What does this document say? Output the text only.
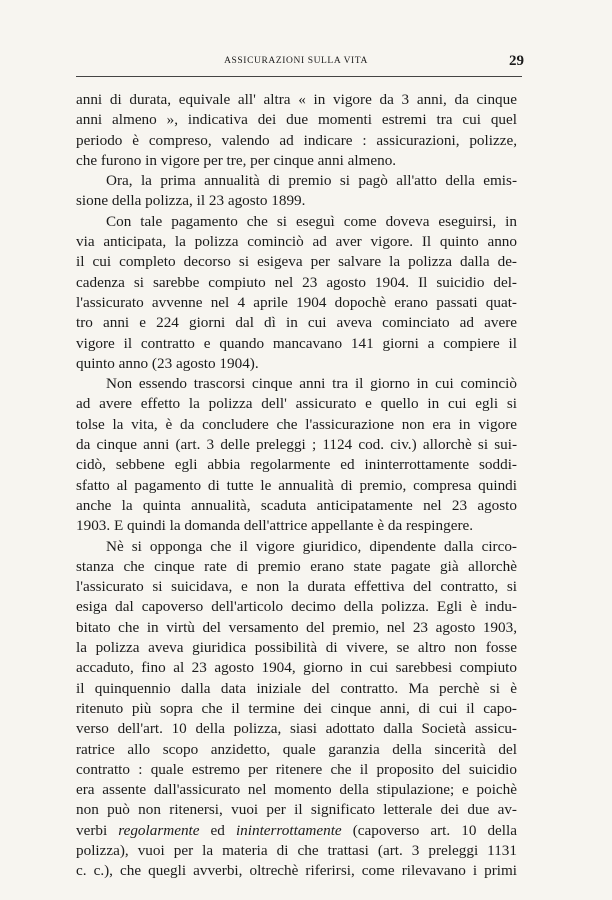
ASSICURAZIONI SULLA VITA	29
anni di durata, equivale all' altra « in vigore da 3 anni, da cinque
anni almeno », indicativa dei due momenti estremi tra cui quel
periodo è compreso, valendo ad indicare : assicurazioni, polizze,
che furono in vigore per tre, per cinque anni almeno.
Ora, la prima annualità di premio si pagò all'atto della emis-
sione della polizza, il 23 agosto 1899.
Con tale pagamento che si eseguì come doveva eseguirsi, in
via anticipata, la polizza cominciò ad aver vigore. Il quinto anno
il cui completo decorso si esigeva per salvare la polizza dalla de-
cadenza si sarebbe compiuto nel 23 agosto 1904. Il suicidio del-
l'assicurato avvenne nel 4 aprile 1904 dopochè erano passati quat-
tro anni e 224 giorni dal dì in cui aveva cominciato ad avere
vigore il contratto e quando mancavano 141 giorni a compiere il
quinto anno (23 agosto 1904).
Non essendo trascorsi cinque anni tra il giorno in cui cominciò
ad avere effetto la polizza dell' assicurato e quello in cui egli si
tolse la vita, è da concludere che l'assicurazione non era in vigore
da cinque anni (art. 3 delle preleggi ; 1124 cod. civ.) allorchè si sui-
cidò, sebbene egli abbia regolarmente ed ininterrottamente soddi-
sfatto al pagamento di tutte le annualità di premio, compresa quindi
anche la quinta annualità, scaduta anticipatamente nel 23 agosto
1903. E quindi la domanda dell'attrice appellante è da respingere.
Nè si opponga che il vigore giuridico, dipendente dalla circo-
stanza che cinque rate di premio erano state pagate già allorchè
l'assicurato si suicidava, e non la durata effettiva del contratto, si
esiga dal capoverso dell'articolo decimo della polizza. Egli è indu-
bitato che in virtù del versamento del premio, nel 23 agosto 1903,
la polizza aveva giuridica possibilità di vivere, se altro non fosse
accaduto, fino al 23 agosto 1904, giorno in cui sarebbesi compiuto
il quinquennio dalla data iniziale del contratto. Ma perchè si è
ritenuto più sopra che il termine dei cinque anni, di cui il capo-
verso dell'art. 10 della polizza, siasi adottato dalla Società assicu-
ratrice allo scopo anzidetto, quale garanzia della sincerità del
contratto : quale estremo per ritenere che il proposito del suicidio
era assente dall'assicurato nel momento della stipulazione; e poichè
non può non ritenersi, vuoi per il significato letterale dei due av-
verbi regolarmente ed ininterrottamente (capoverso art. 10 della
polizza), vuoi per la materia di che trattasi (art. 3 preleggi 1131
c. c.), che quegli avverbi, oltrechè riferirsi, come rilevavano i primi
